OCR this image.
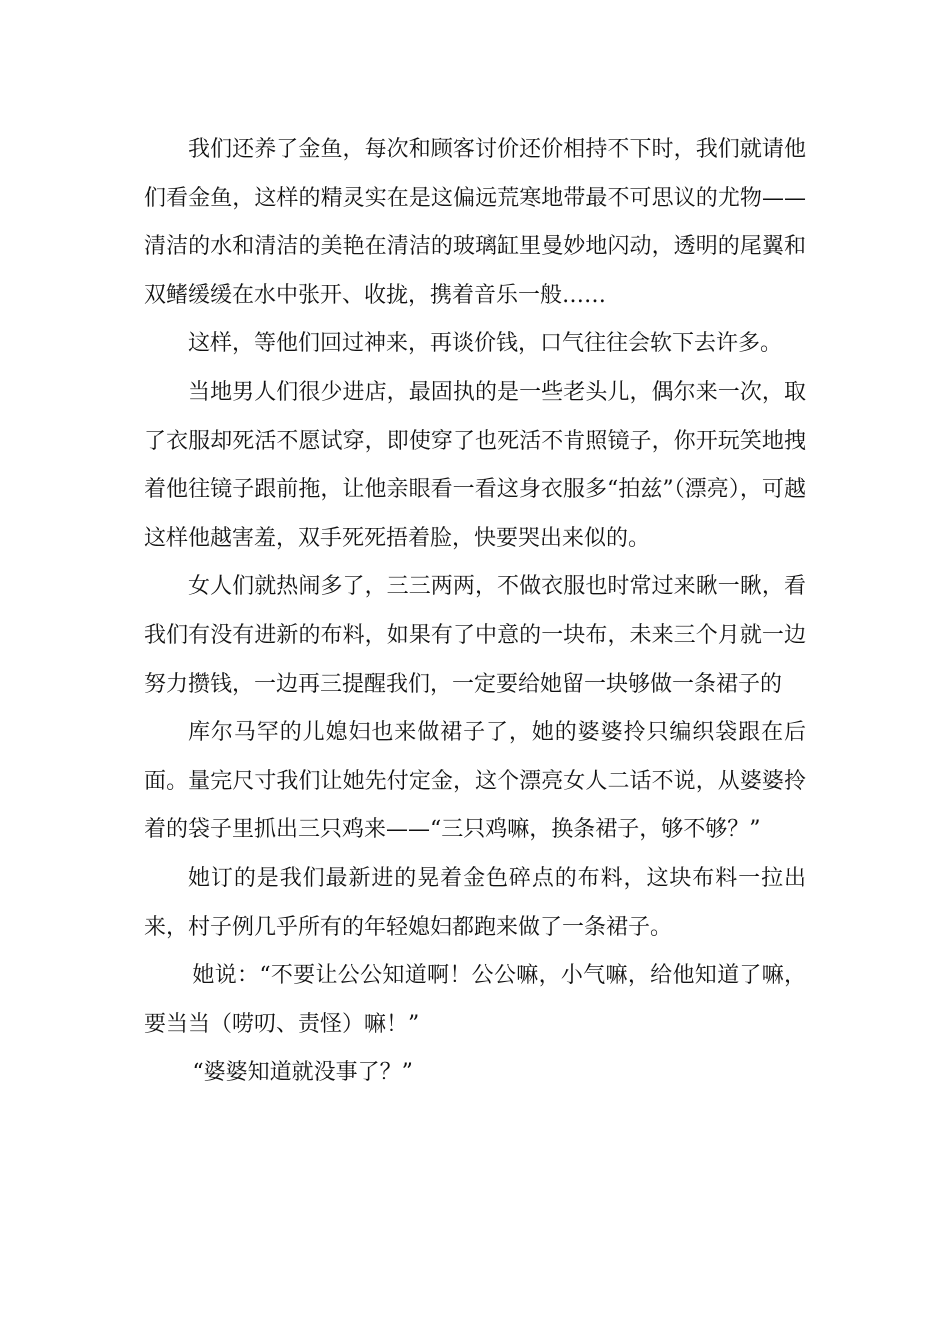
我们还养了金鱼，每次和顾客讨价还价相持不下时，我们就请他们看金鱼，这样的精灵实在是这偏远荒寒地带最不可思议的尤物——清洁的水和清洁的美艳在清洁的玻璃缸里曼妙地闪动，透明的尾翼和双鳍缓缓在水中张开、收拢，携着音乐一般……

这样，等他们回过神来，再谈价钱，口气往往会软下去许多。

当地男人们很少进店，最固执的是一些老头儿，偶尔来一次，取了衣服却死活不愿试穿，即使穿了也死活不肯照镜子，你开玩笑地拽着他往镜子跟前拖，让他亲眼看一看这身衣服多“拍兹”（漂亮），可越这样他越害羞，双手死死捂着脸，快要哭出来似的。

女人们就热闹多了，三三两两，不做衣服也时常过来瞅一瞅，看我们有没有进新的布料，如果有了中意的一块布，未来三个月就一边努力攒钱，一边再三提醒我们，一定要给她留一块够做一条裙子的

库尔马罕的儿媳妇也来做裙子了，她的婆婆拎只编织袋跟在后面。量完尺寸我们让她先付定金，这个漂亮女人二话不说，从婆婆拎着的袋子里抓出三只鸡来——“三只鸡嘛，换条裙子，够不够？”

她订的是我们最新进的晃着金色碎点的布料，这块布料一拉出来，村子例几乎所有的年轻媳妇都跑来做了一条裙子。

她说：“不要让公公知道啊！公公嘛，小气嘛，给他知道了嘛，要当当（唠叨、责怪）嘛！”

“婆婆知道就没事了？”
